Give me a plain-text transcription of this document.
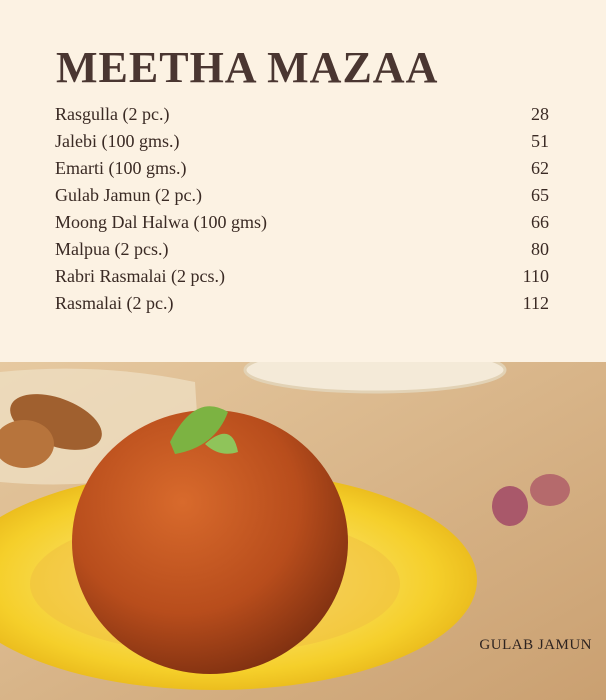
MEETHA MAZAA
Rasgulla (2 pc.)	28
Jalebi (100 gms.)	51
Emarti (100 gms.)	62
Gulab Jamun (2 pc.)	65
Moong Dal Halwa (100 gms)	66
Malpua (2 pcs.)	80
Rabri Rasmalai (2 pcs.)	110
Rasmalai (2 pc.)	112
GULAB JAMUN
